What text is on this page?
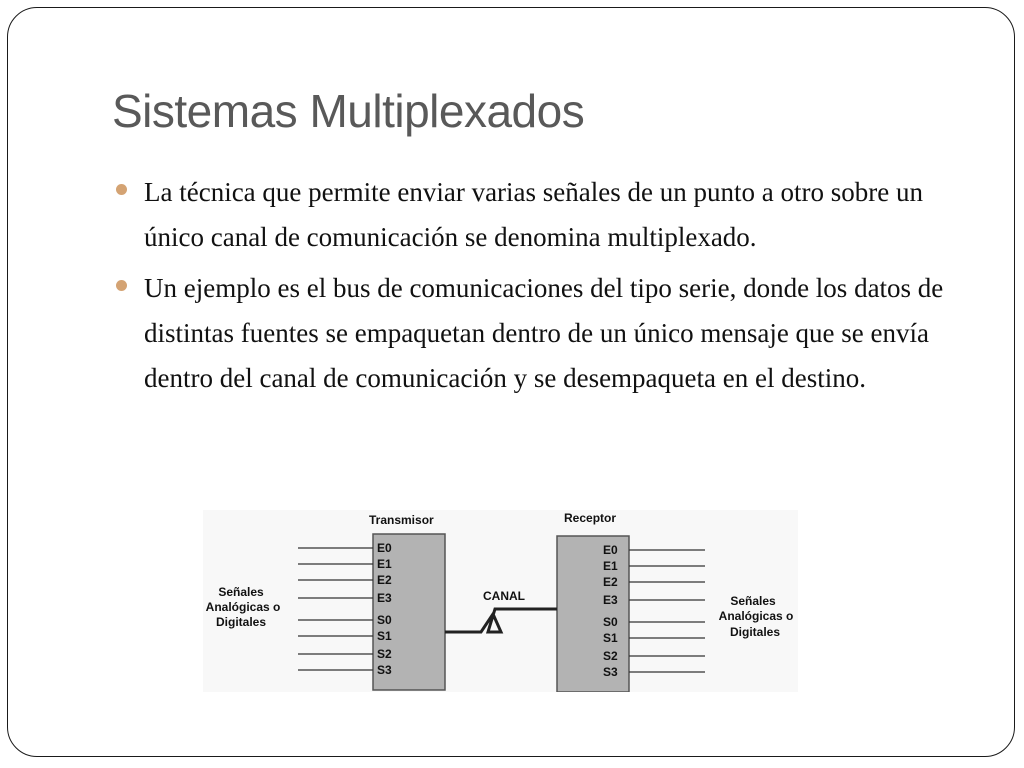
Sistemas Multiplexados
La técnica que permite enviar varias señales de un punto a otro sobre un único canal de comunicación se denomina multiplexado.
Un ejemplo es el bus de comunicaciones del tipo serie, donde los datos de distintas fuentes se empaquetan dentro de un único mensaje que se envía dentro del canal de comunicación y se desempaqueta en el destino.
Transmisor	Receptor
CANAL
Señales
Analógicas o
Digitales
Señales
Analógicas o
Digitales
E0
E1
E2
E3
S0
S1
S2
S3
E0
E1
E2
E3
S0
S1
S2
S3
